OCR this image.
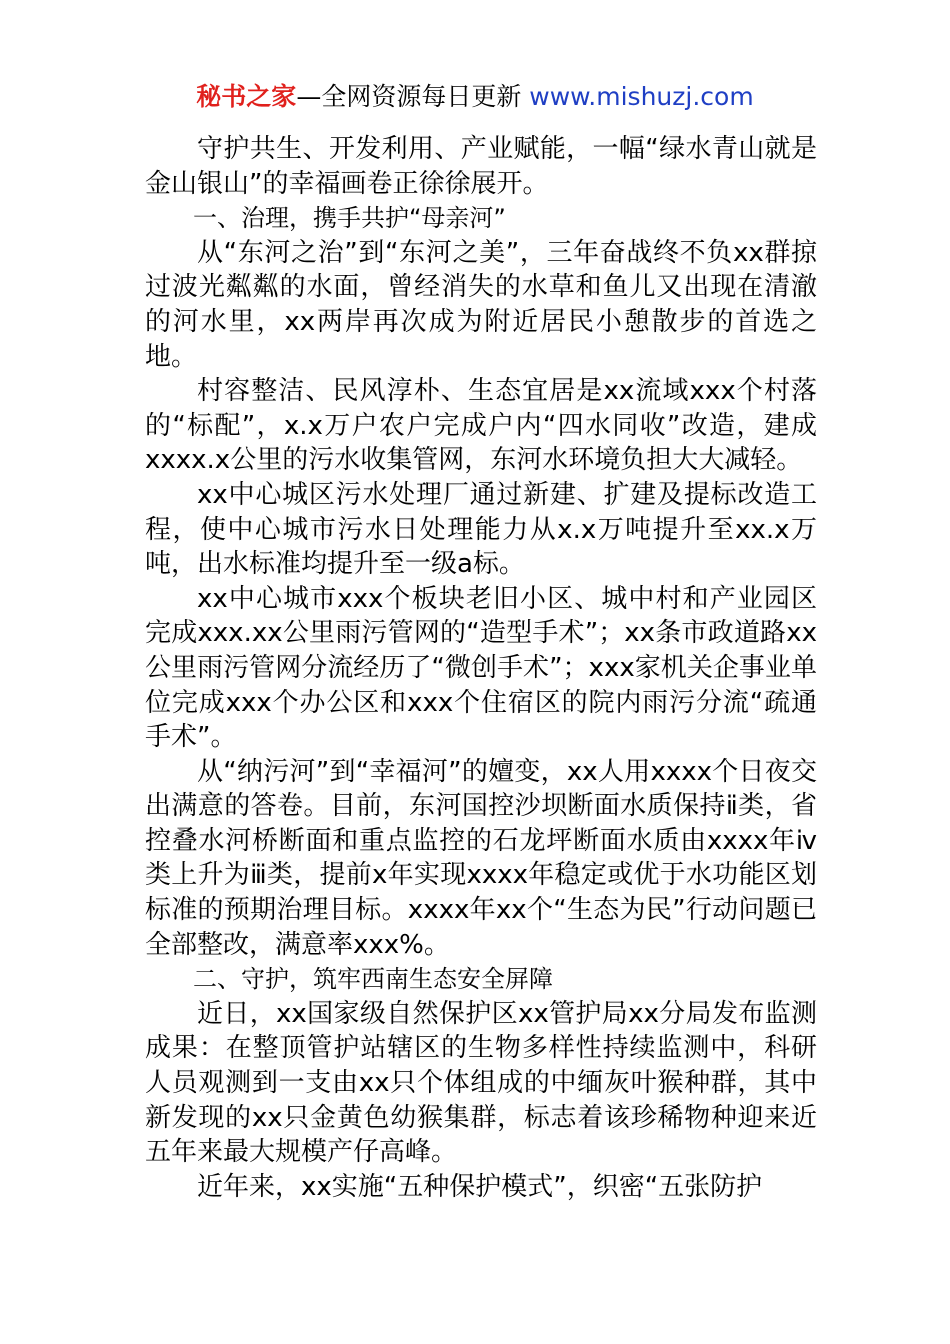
秘书之家—全网资源每日更新 www.mishuzj.com

守护共生、开发利用、产业赋能，一幅“绿水青山就是金山银山”的幸福画卷正徐徐展开。

一、治理，携手共护“母亲河”

从“东河之治”到“东河之美”，三年奋战终不负xx群掠过波光粼粼的水面，曾经消失的水草和鱼儿又出现在清澈的河水里，xx两岸再次成为附近居民小憩散步的首选之地。

村容整洁、民风淳朴、生态宜居是xx流域xxx个村落的“标配”，x.x万户农户完成户内“四水同收”改造，建成xxxx.x公里的污水收集管网，东河水环境负担大大减轻。

xx中心城区污水处理厂通过新建、扩建及提标改造工程，使中心城市污水日处理能力从x.x万吨提升至xx.x万吨，出水标准均提升至一级a标。

xx中心城市xxx个板块老旧小区、城中村和产业园区完成xxx.xx公里雨污管网的“造型手术”；xx条市政道路xx公里雨污管网分流经历了“微创手术”；xxx家机关企事业单位完成xxx个办公区和xxx个住宿区的院内雨污分流“疏通手术”。

从“纳污河”到“幸福河”的嬗变，xx人用xxxx个日夜交出满意的答卷。目前，东河国控沙坝断面水质保持ⅱ类，省控叠水河桥断面和重点监控的石龙坪断面水质由xxxx年ⅳ类上升为ⅲ类，提前x年实现xxxx年稳定或优于水功能区划标准的预期治理目标。xxxx年xx个“生态为民”行动问题已全部整改，满意率xxx%。

二、守护，筑牢西南生态安全屏障

近日，xx国家级自然保护区xx管护局xx分局发布监测成果：在整顶管护站辖区的生物多样性持续监测中，科研人员观测到一支由xx只个体组成的中缅灰叶猴种群，其中新发现的xx只金黄色幼猴集群，标志着该珍稀物种迎来近五年来最大规模产仔高峰。

近年来，xx实施“五种保护模式”，织密“五张防护
